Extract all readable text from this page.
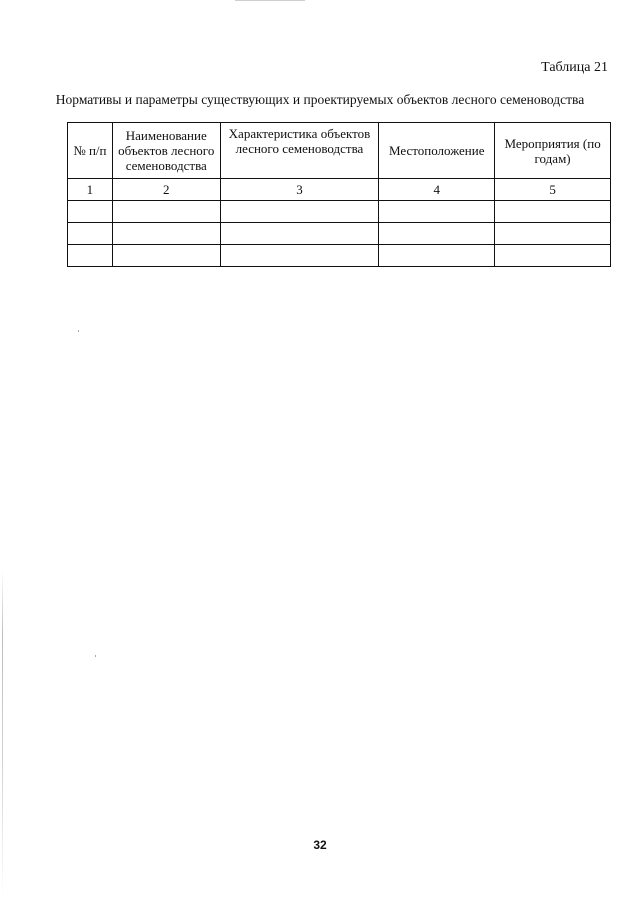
Таблица 21
Нормативы и параметры существующих и проектируемых объектов лесного семеноводства
№ п/п	Наименование объектов лесного семеноводства	Характеристика объектов лесного семеноводства	Местоположение	Мероприятия (по годам)
1	2	3	4	5

32
